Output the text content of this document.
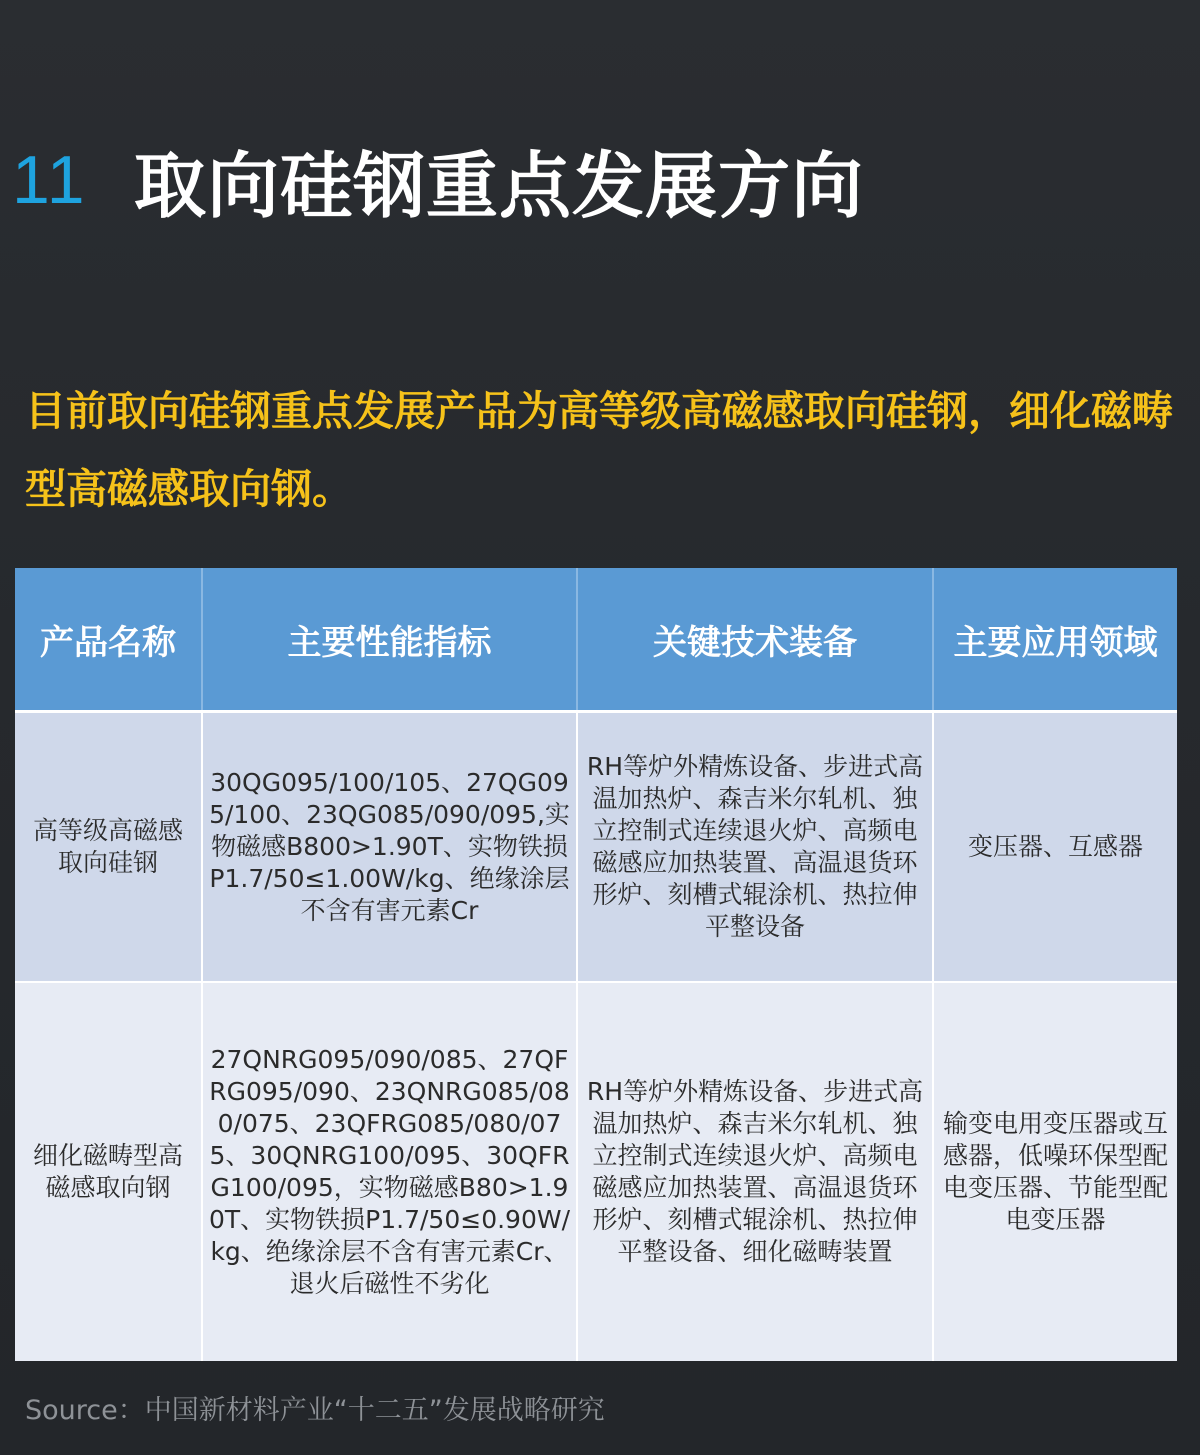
11 取向硅钢重点发展方向

目前取向硅钢重点发展产品为高等级高磁感取向硅钢，细化磁畴型高磁感取向钢。

产品名称	主要性能指标	关键技术装备	主要应用领域
高等级高磁感取向硅钢	30QG095/100/105、27QG095/100、23QG085/090/095,实物磁感B800>1.90T、实物铁损P1.7/50≤1.00W/kg、绝缘涂层不含有害元素Cr	RH等炉外精炼设备、步进式高温加热炉、森吉米尔轧机、独立控制式连续退火炉、高频电磁感应加热装置、高温退货环形炉、刻槽式辊涂机、热拉伸平整设备	变压器、互感器
细化磁畴型高磁感取向钢	27QNRG095/090/085、27QFRG095/090、23QNRG085/080/075、23QFRG085/080/075、30QNRG100/095、30QFRG100/095，实物磁感B80>1.90T、实物铁损P1.7/50≤0.90W/kg、绝缘涂层不含有害元素Cr、退火后磁性不劣化	RH等炉外精炼设备、步进式高温加热炉、森吉米尔轧机、独立控制式连续退火炉、高频电磁感应加热装置、高温退货环形炉、刻槽式辊涂机、热拉伸平整设备、细化磁畴装置	输变电用变压器或互感器，低噪环保型配电变压器、节能型配电变压器
Source：中国新材料产业“十二五”发展战略研究
